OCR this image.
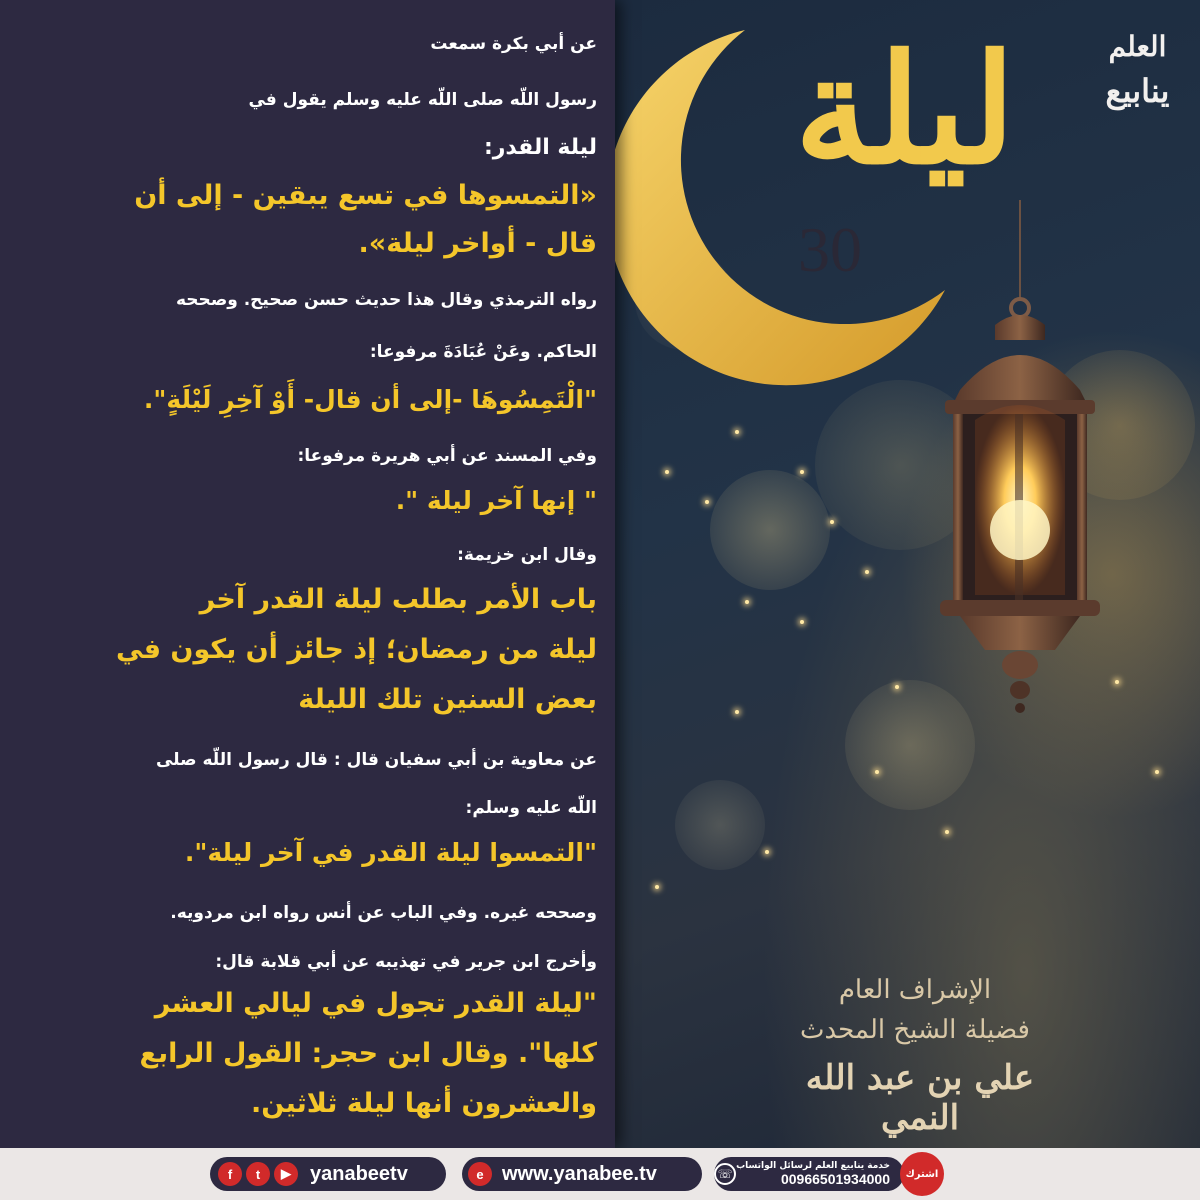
ليلة
30
العلم
ينابيع
الإشراف العام
فضيلة الشيخ المحدث
علي بن عبد الله النمي
عن أبي بكرة سمعت
رسول اللّه صلى اللّه عليه وسلم يقول في
ليلة القدر:
«التمسوها في تسع يبقين - إلى أن
قال - أواخر ليلة».
رواه الترمذي وقال هذا حديث حسن صحيح. وصححه
الحاكم. وعَنْ عُبَادَةَ مرفوعا:
"الْتَمِسُوهَا -إلى أن قال- أَوْ آخِرِ لَيْلَةٍ".
وفي المسند عن أبي هريرة مرفوعا:
" إنها آخر ليلة ".
وقال ابن خزيمة:
باب الأمر بطلب ليلة القدر آخر
ليلة من رمضان؛ إذ جائز أن يكون في
بعض السنين تلك الليلة
عن معاوية بن أبي سفيان قال : قال رسول اللّه صلى
اللّه عليه وسلم:
"التمسوا ليلة القدر في آخر ليلة".
وصححه غيره. وفي الباب عن أنس رواه ابن مردويه.
وأخرج ابن جرير في تهذيبه عن أبي قلابة قال:
"ليلة القدر تجول في ليالي العشر
كلها". وقال ابن حجر: القول الرابع
والعشرون أنها ليلة ثلاثين.
f	t	▶ yanabeetv	e www.yanabee.tv	خدمة ينابيع العلم لرسائل الواتساب
00966501934000
☏	اشترك
